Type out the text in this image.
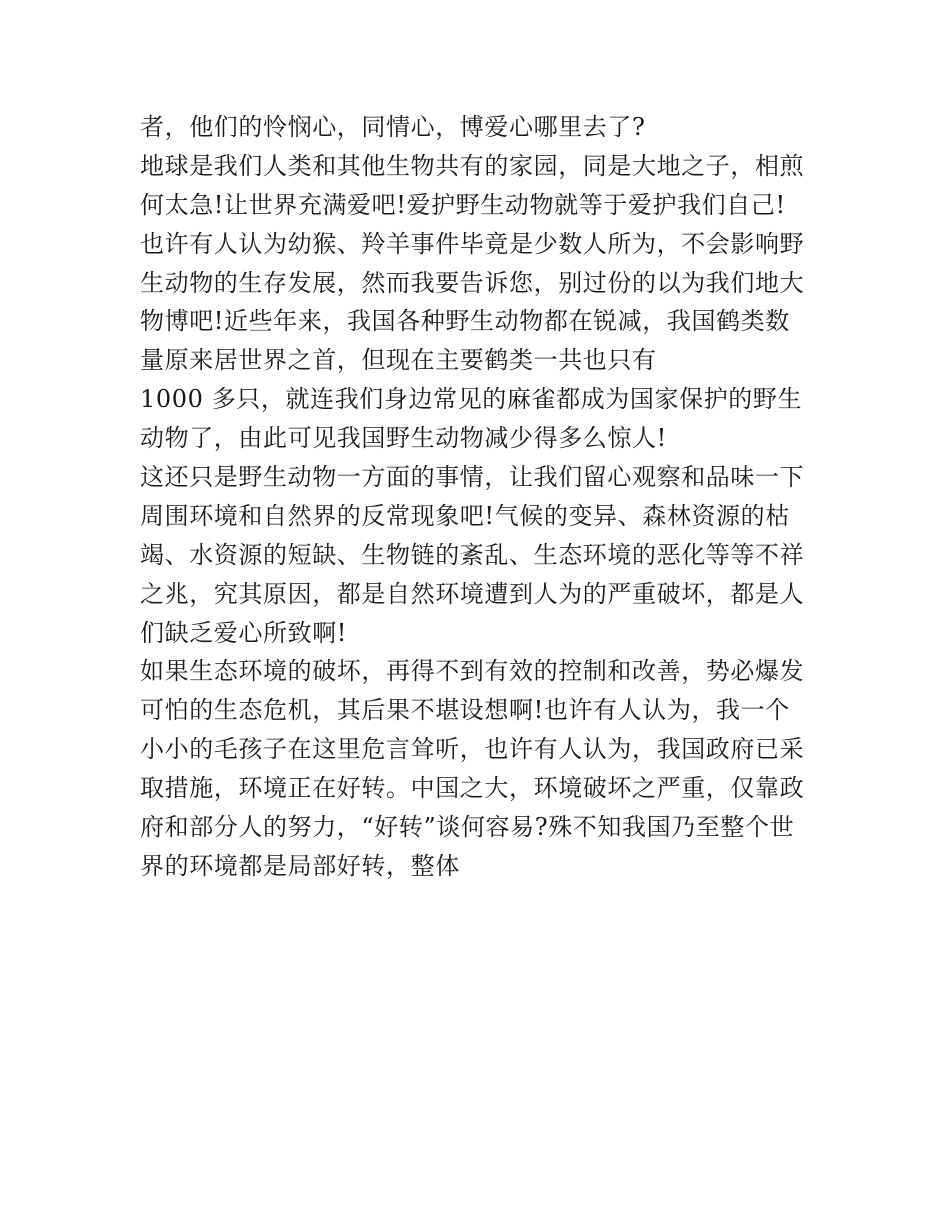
者，他们的怜悯心，同情心，博爱心哪里去了?
地球是我们人类和其他生物共有的家园，同是大地之子，相煎
何太急!让世界充满爱吧!爱护野生动物就等于爱护我们自己!
也许有人认为幼猴、羚羊事件毕竟是少数人所为，不会影响野
生动物的生存发展，然而我要告诉您，别过份的以为我们地大
物博吧!近些年来，我国各种野生动物都在锐减，我国鹤类数
量原来居世界之首，但现在主要鹤类一共也只有
1000 多只，就连我们身边常见的麻雀都成为国家保护的野生
动物了，由此可见我国野生动物减少得多么惊人!
这还只是野生动物一方面的事情，让我们留心观察和品味一下
周围环境和自然界的反常现象吧!气候的变异、森林资源的枯
竭、水资源的短缺、生物链的紊乱、生态环境的恶化等等不祥
之兆，究其原因，都是自然环境遭到人为的严重破坏，都是人
们缺乏爱心所致啊!
如果生态环境的破坏，再得不到有效的控制和改善，势必爆发
可怕的生态危机，其后果不堪设想啊!也许有人认为，我一个
小小的毛孩子在这里危言耸听，也许有人认为，我国政府已采
取措施，环境正在好转。中国之大，环境破坏之严重，仅靠政
府和部分人的努力，“好转”谈何容易?殊不知我国乃至整个世
界的环境都是局部好转，整体
